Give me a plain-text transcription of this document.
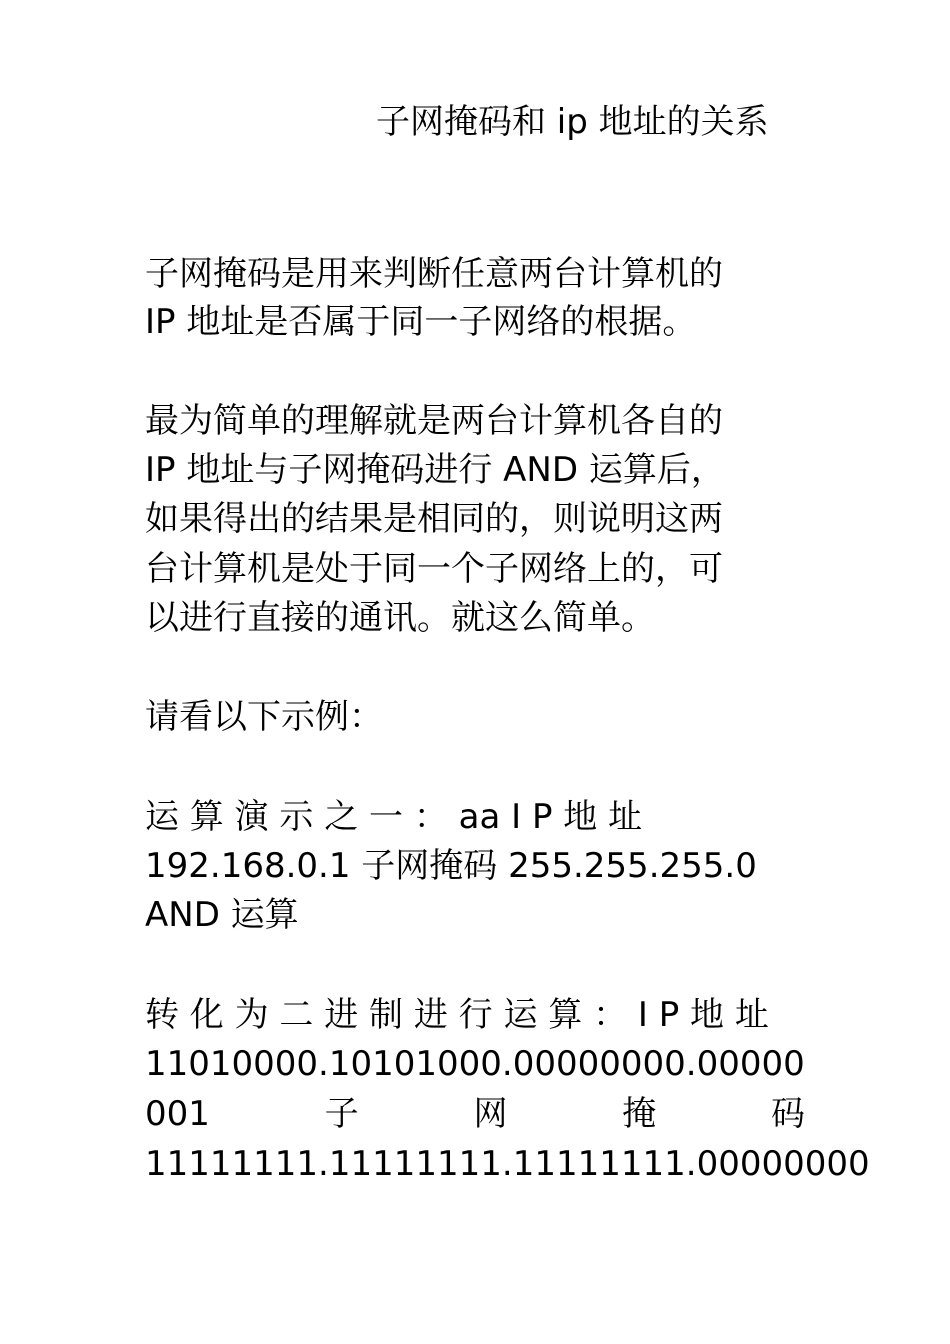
子网掩码和 ip 地址的关系
子网掩码是用来判断任意两台计算机的
IP 地址是否属于同一子网络的根据。
最为简单的理解就是两台计算机各自的
IP 地址与子网掩码进行 AND 运算后，
如果得出的结果是相同的，则说明这两
台计算机是处于同一个子网络上的，可
以进行直接的通讯。就这么简单。
请看以下示例：
运 算 演 示 之 一 ： aa I P 地 址
192.168.0.1 子网掩码 255.255.255.0
AND 运算
转 化 为 二 进 制 进 行 运 算 ： I P 地 址
11010000.10101000.00000000.00000
001	子	网	掩	码
11111111.11111111.11111111.00000000
